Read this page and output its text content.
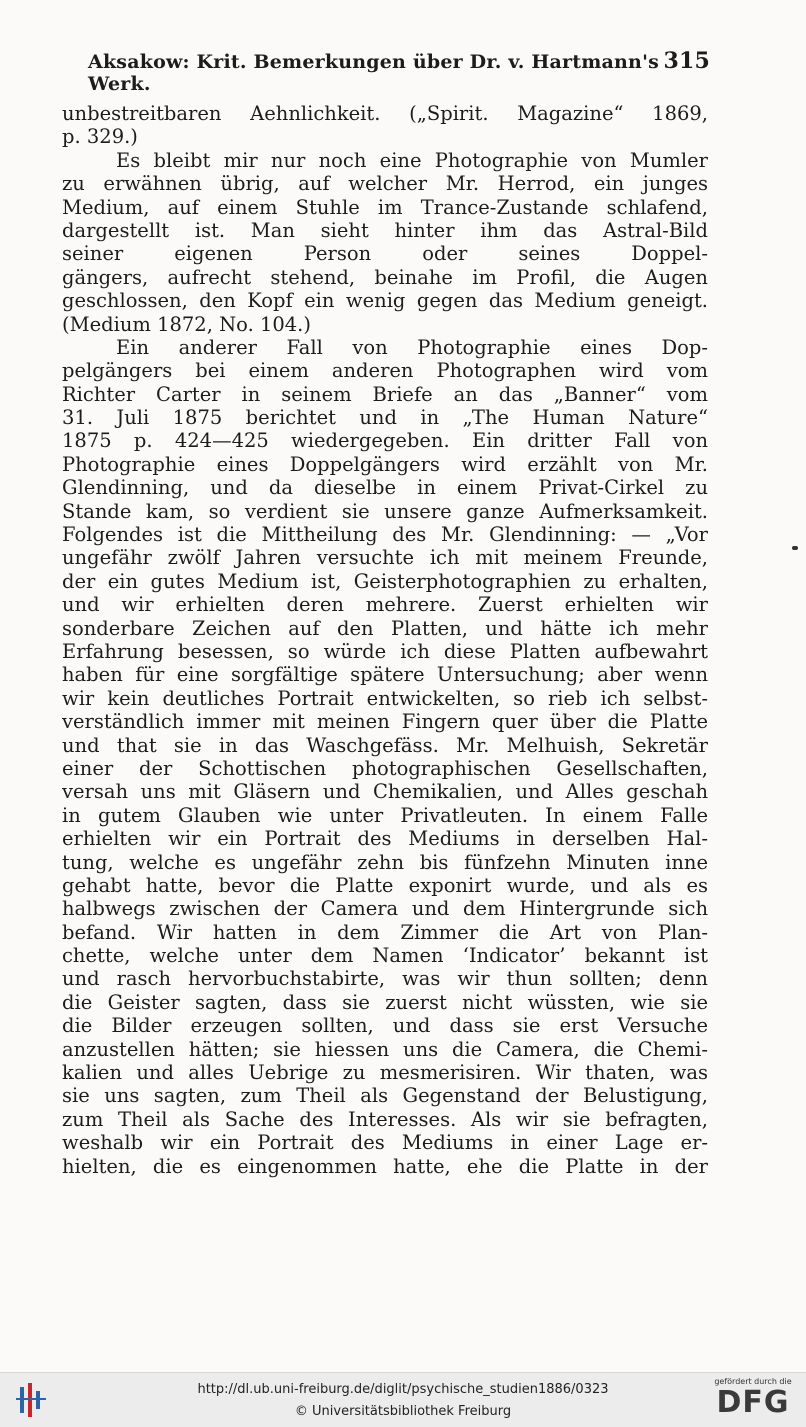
Aksakow: Krit. Bemerkungen über Dr. v. Hartmann's Werk.
315
unbestreitbaren Aehnlichkeit. („Spirit. Magazine“ 1869,
p. 329.)
Es bleibt mir nur noch eine Photographie von Mumler
zu erwähnen übrig, auf welcher Mr. Herrod, ein junges
Medium, auf einem Stuhle im Trance-Zustande schlafend,
dargestellt ist. Man sieht hinter ihm das Astral-Bild
seiner eigenen Person oder seines Doppel-
gängers, aufrecht stehend, beinahe im Profil, die Augen
geschlossen, den Kopf ein wenig gegen das Medium geneigt.
(Medium 1872, No. 104.)
Ein anderer Fall von Photographie eines Dop-
pelgängers bei einem anderen Photographen wird vom
Richter Carter in seinem Briefe an das „Banner“ vom
31. Juli 1875 berichtet und in „The Human Nature“
1875 p. 424—425 wiedergegeben. Ein dritter Fall von
Photographie eines Doppelgängers wird erzählt von Mr.
Glendinning, und da dieselbe in einem Privat-Cirkel zu
Stande kam, so verdient sie unsere ganze Aufmerksamkeit.
Folgendes ist die Mittheilung des Mr. Glendinning: — „Vor
ungefähr zwölf Jahren versuchte ich mit meinem Freunde,
der ein gutes Medium ist, Geisterphotographien zu erhalten,
und wir erhielten deren mehrere. Zuerst erhielten wir
sonderbare Zeichen auf den Platten, und hätte ich mehr
Erfahrung besessen, so würde ich diese Platten aufbewahrt
haben für eine sorgfältige spätere Untersuchung; aber wenn
wir kein deutliches Portrait entwickelten, so rieb ich selbst-
verständlich immer mit meinen Fingern quer über die Platte
und that sie in das Waschgefäss. Mr. Melhuish, Sekretär
einer der Schottischen photographischen Gesellschaften,
versah uns mit Gläsern und Chemikalien, und Alles geschah
in gutem Glauben wie unter Privatleuten. In einem Falle
erhielten wir ein Portrait des Mediums in derselben Hal-
tung, welche es ungefähr zehn bis fünfzehn Minuten inne
gehabt hatte, bevor die Platte exponirt wurde, und als es
halbwegs zwischen der Camera und dem Hintergrunde sich
befand. Wir hatten in dem Zimmer die Art von Plan-
chette, welche unter dem Namen ‘Indicator’ bekannt ist
und rasch hervorbuchstabirte, was wir thun sollten; denn
die Geister sagten, dass sie zuerst nicht wüssten, wie sie
die Bilder erzeugen sollten, und dass sie erst Versuche
anzustellen hätten; sie hiessen uns die Camera, die Chemi-
kalien und alles Uebrige zu mesmerisiren. Wir thaten, was
sie uns sagten, zum Theil als Gegenstand der Belustigung,
zum Theil als Sache des Interesses. Als wir sie befragten,
weshalb wir ein Portrait des Mediums in einer Lage er-
hielten, die es eingenommen hatte, ehe die Platte in der
http://dl.ub.uni-freiburg.de/diglit/psychische_studien1886/0323
© Universitätsbibliothek Freiburg
gefördert durch die
DFG
